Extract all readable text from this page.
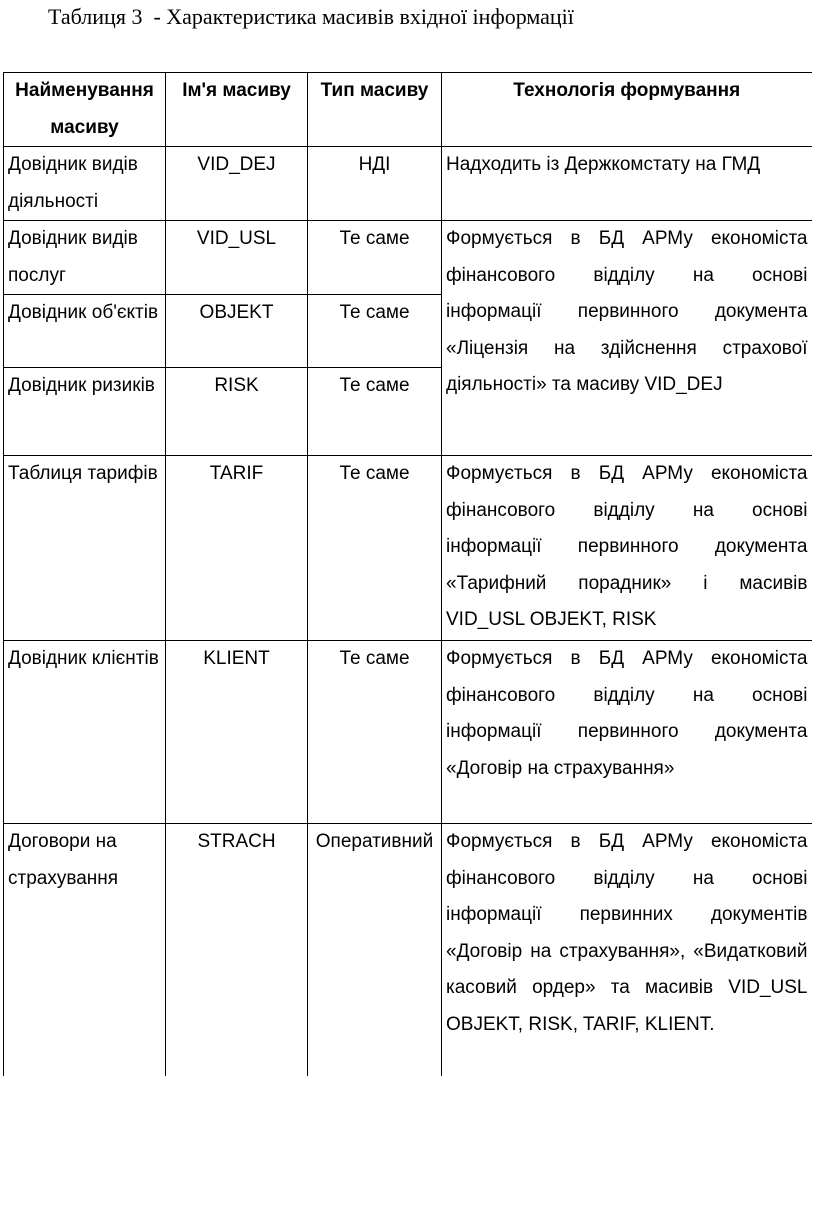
Таблиця 3  - Характеристика масивів вхідної інформації
Найменування масиву	Ім'я масиву	Тип масиву	Технологія формування
Довідник видів діяльності	VID_DEJ	НДІ	Надходить із Держкомстату на ГМД
Довідник видів послуг	VID_USL	Те саме	Формується в БД АРМу економіста фінансового відділу на основі інформації первинного документа «Ліцензія на здійснення страхової діяльності» та масиву VID_DEJ
Довідник об'єктів	OBJEKT	Те саме	
Довідник ризиків	RISK	Те саме	
Таблиця тарифів	TARIF	Те саме	Формується в БД АРМу економіста фінансового відділу на основі інформації первинного документа «Тарифний порадник» і масивів VID_USL OBJEKT, RISK
Довідник клієнтів	KLIENT	Те саме	Формується в БД АРМу економіста фінансового відділу на основі інформації первинного документа «Договір на страхування»
Договори на страхування	STRACH	Оперативний	Формується в БД АРМу економіста фінансового відділу на основі інформації первинних документів «Договір на страхування», «Видатковий касовий ордер» та масивів VID_USL OBJEKT, RISK, TARIF, KLIENT.
